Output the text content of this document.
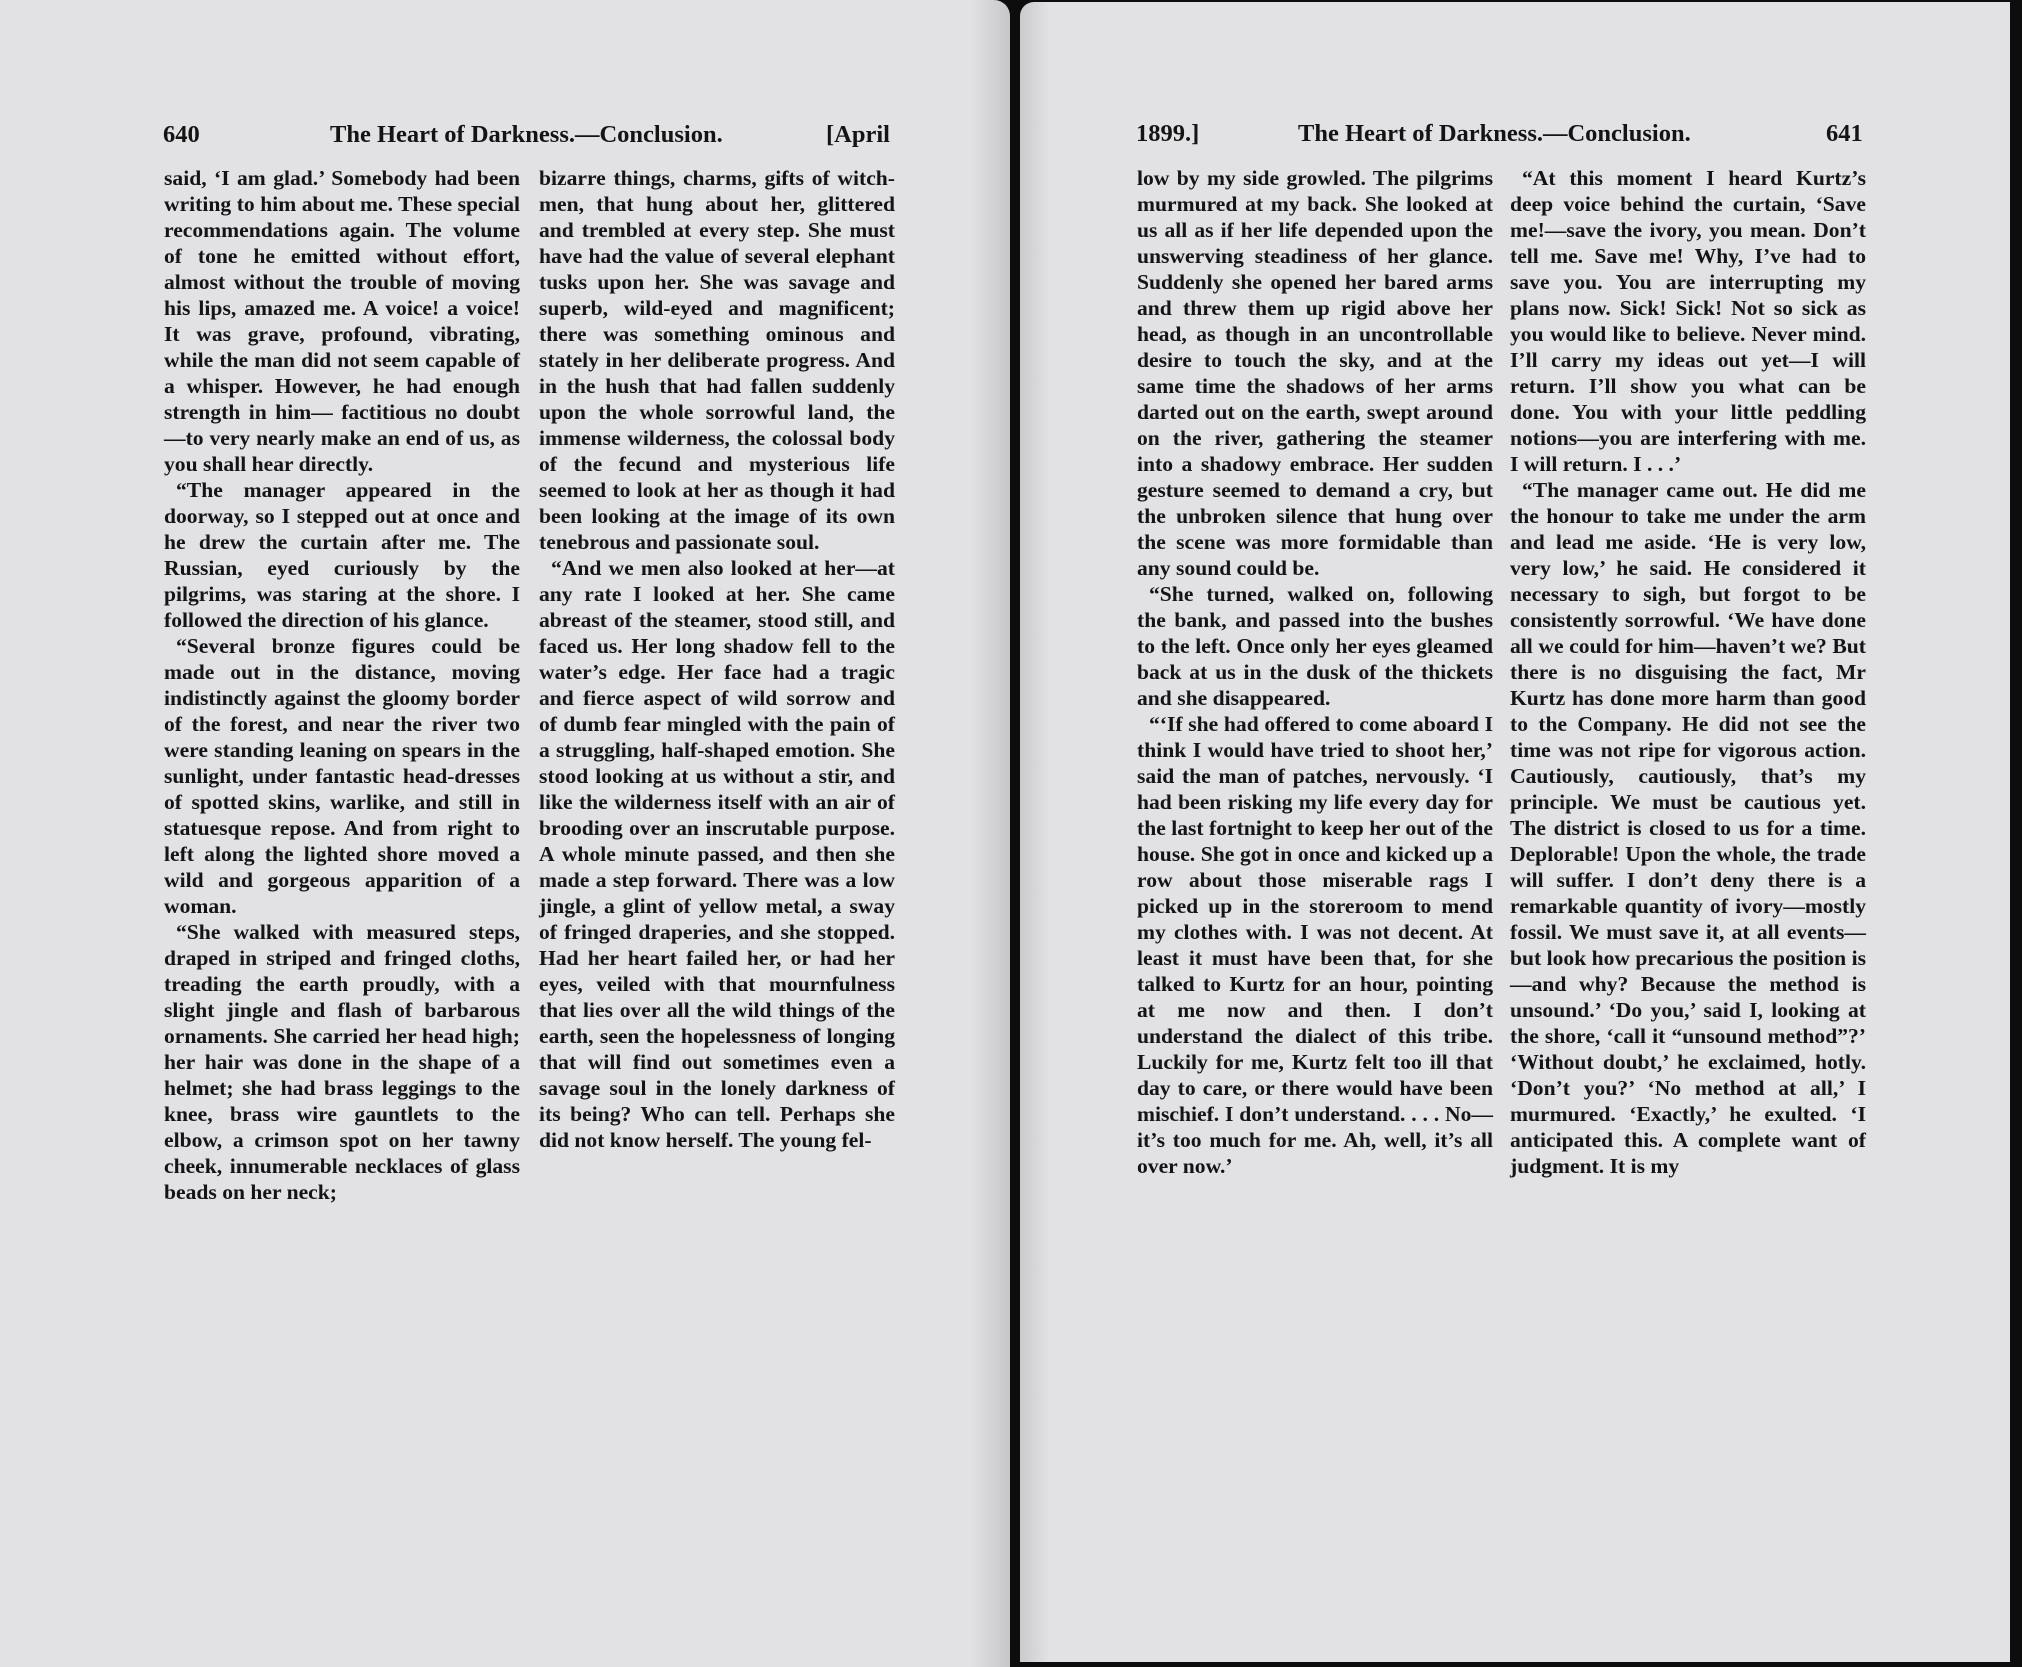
640	The Heart of Darkness.—Conclusion.	[April

said, ‘I am glad.’ Somebody had been writing to him about me. These special recommendations again. The volume of tone he emitted without effort, almost without the trouble of moving his lips, amazed me. A voice! a voice! It was grave, profound, vibrating, while the man did not seem capable of a whisper. However, he had enough strength in him— factitious no doubt—to very nearly make an end of us, as you shall hear directly.

“The manager appeared in the doorway, so I stepped out at once and he drew the curtain after me. The Russian, eyed curiously by the pilgrims, was staring at the shore. I followed the direction of his glance.

“Several bronze figures could be made out in the distance, moving indistinctly against the gloomy border of the forest, and near the river two were standing leaning on spears in the sunlight, under fantastic head-dresses of spotted skins, warlike, and still in statuesque repose. And from right to left along the lighted shore moved a wild and gorgeous apparition of a woman.

“She walked with measured steps, draped in striped and fringed cloths, treading the earth proudly, with a slight jingle and flash of barbarous ornaments. She carried her head high; her hair was done in the shape of a helmet; she had brass leggings to the knee, brass wire gauntlets to the elbow, a crimson spot on her tawny cheek, innumerable necklaces of glass beads on her neck;

bizarre things, charms, gifts of witch-men, that hung about her, glittered and trembled at every step. She must have had the value of several elephant tusks upon her. She was savage and superb, wild-eyed and magnificent; there was something ominous and stately in her deliberate progress. And in the hush that had fallen suddenly upon the whole sorrowful land, the immense wilderness, the colossal body of the fecund and mysterious life seemed to look at her as though it had been looking at the image of its own tenebrous and passionate soul.

“And we men also looked at her—at any rate I looked at her. She came abreast of the steamer, stood still, and faced us. Her long shadow fell to the water’s edge. Her face had a tragic and fierce aspect of wild sorrow and of dumb fear mingled with the pain of a struggling, half-shaped emotion. She stood looking at us without a stir, and like the wilderness itself with an air of brooding over an inscrutable purpose. A whole minute passed, and then she made a step forward. There was a low jingle, a glint of yellow metal, a sway of fringed draperies, and she stopped. Had her heart failed her, or had her eyes, veiled with that mournfulness that lies over all the wild things of the earth, seen the hopelessness of longing that will find out sometimes even a savage soul in the lonely darkness of its being? Who can tell. Perhaps she did not know herself. The young fel-

1899.]	The Heart of Darkness.—Conclusion.	641

low by my side growled. The pilgrims murmured at my back. She looked at us all as if her life depended upon the unswerving steadiness of her glance. Suddenly she opened her bared arms and threw them up rigid above her head, as though in an uncontrollable desire to touch the sky, and at the same time the shadows of her arms darted out on the earth, swept around on the river, gathering the steamer into a shadowy embrace. Her sudden gesture seemed to demand a cry, but the unbroken silence that hung over the scene was more formidable than any sound could be.

“She turned, walked on, following the bank, and passed into the bushes to the left. Once only her eyes gleamed back at us in the dusk of the thickets and she disappeared.

“‘If she had offered to come aboard I think I would have tried to shoot her,’ said the man of patches, nervously. ‘I had been risking my life every day for the last fortnight to keep her out of the house. She got in once and kicked up a row about those miserable rags I picked up in the storeroom to mend my clothes with. I was not decent. At least it must have been that, for she talked to Kurtz for an hour, pointing at me now and then. I don’t understand the dialect of this tribe. Luckily for me, Kurtz felt too ill that day to care, or there would have been mischief. I don’t understand. . . . No—it’s too much for me. Ah, well, it’s all over now.’

“At this moment I heard Kurtz’s deep voice behind the curtain, ‘Save me!—save the ivory, you mean. Don’t tell me. Save me! Why, I’ve had to save you. You are interrupting my plans now. Sick! Sick! Not so sick as you would like to believe. Never mind. I’ll carry my ideas out yet—I will return. I’ll show you what can be done. You with your little peddling notions—you are interfering with me. I will return. I . . .’

“The manager came out. He did me the honour to take me under the arm and lead me aside. ‘He is very low, very low,’ he said. He considered it necessary to sigh, but forgot to be consistently sorrowful. ‘We have done all we could for him—haven’t we? But there is no disguising the fact, Mr Kurtz has done more harm than good to the Company. He did not see the time was not ripe for vigorous action. Cautiously, cautiously, that’s my principle. We must be cautious yet. The district is closed to us for a time. Deplorable! Upon the whole, the trade will suffer. I don’t deny there is a remarkable quantity of ivory—mostly fossil. We must save it, at all events—but look how precarious the position is—and why? Because the method is unsound.’ ‘Do you,’ said I, looking at the shore, ‘call it “unsound method”?’ ‘Without doubt,’ he exclaimed, hotly. ‘Don’t you?’ ‘No method at all,’ I murmured. ‘Exactly,’ he exulted. ‘I anticipated this. A complete want of judgment. It is my
